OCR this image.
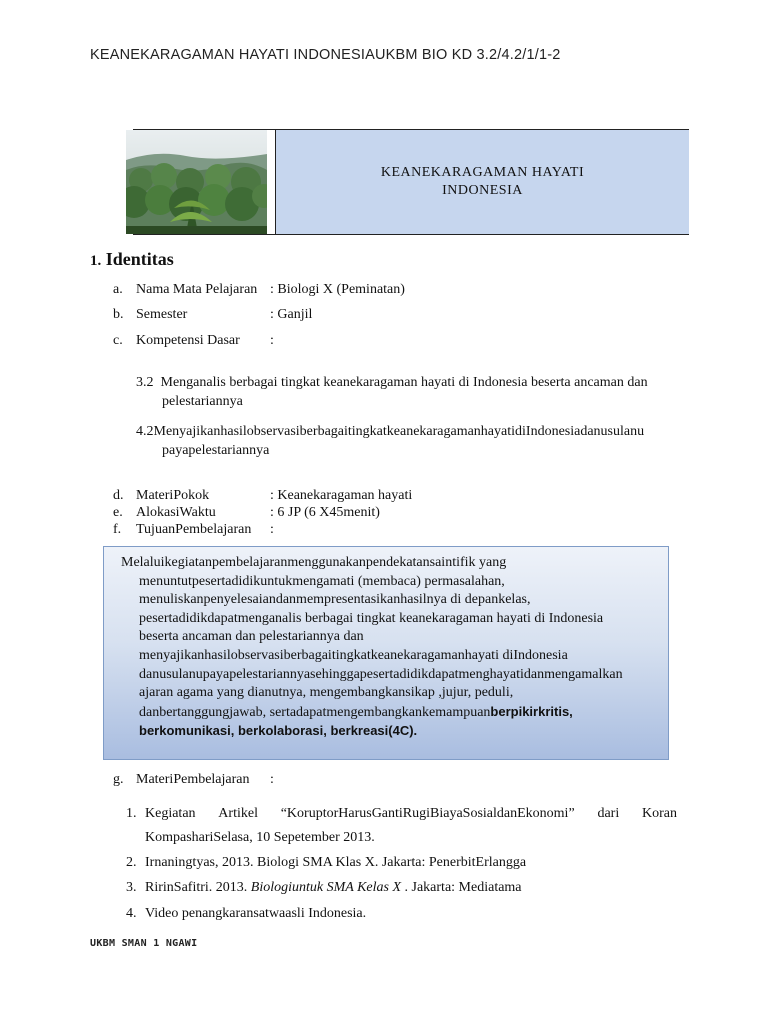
KEANEKARAGAMAN HAYATI INDONESIAUKBM BIO KD 3.2/4.2/1/1-2
KEANEKARAGAMAN HAYATI
INDONESIA
1. Identitas
a. Nama Mata Pelajaran : Biologi X (Peminatan)
b. Semester	: Ganjil
c. Kompetensi Dasar :
3.2 Menganalis berbagai tingkat keanekaragaman hayati di Indonesia beserta ancaman dan
pelestariannya
4.2MenyajikanhasilobservasiberbagaitingkatkeanekaragamanhayatidiIndonesiadanusulanu
payapelestariannya
d. MateriPokok	: Keanekaragaman hayati
e. AlokasiWaktu	: 6 JP (6 X45menit)
f. TujuanPembelajaran :
Melaluikegiatanpembelajaranmenggunakanpendekatansaintifik yang
menuntutpesertadidikuntukmengamati (membaca) permasalahan,
menuliskanpenyelesaiandanmempresentasikanhasilnya di depankelas,
pesertadidikdapatmenganalis berbagai tingkat keanekaragaman hayati di Indonesia
beserta ancaman dan pelestariannya dan
menyajikanhasilobservasiberbagaitingkatkeanekaragamanhayati diIndonesia
danusulanupayapelestariannyasehinggapesertadidikdapatmenghayatidanmengamalkan
ajaran agama yang dianutnya, mengembangkansikap ,jujur, peduli,
danbertanggungjawab, sertadapatmengembangkankemampuanberpikirkritis,
berkomunikasi, berkolaborasi, berkreasi(4C).
g. MateriPembelajaran :
1. Kegiatan Artikel “KoruptorHarusGantiRugiBiayaSosialdanEkonomi” dari Koran
KompashariSelasa, 10 Sepetember 2013.
2. Irnaningtyas, 2013. Biologi SMA Klas X. Jakarta: PenerbitErlangga
3. RirinSafitri. 2013. Biologiuntuk SMA Kelas X . Jakarta: Mediatama
4. Video penangkaransatwaasli Indonesia.
UKBM SMAN 1 NGAWI
